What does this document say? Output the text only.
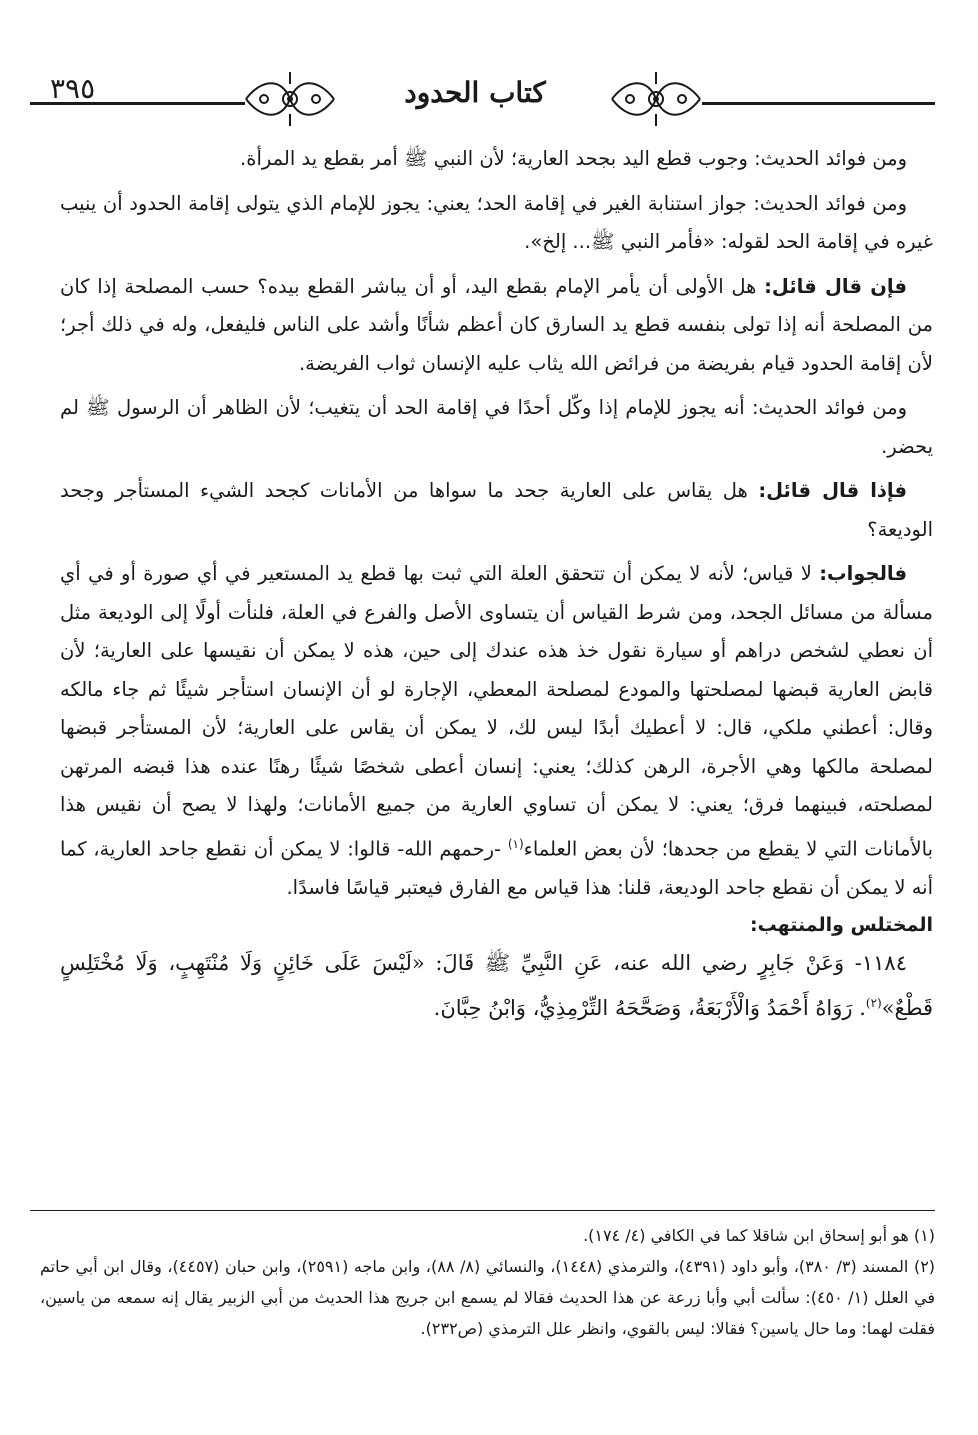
٣٩٥	كتاب الحدود

ومن فوائد الحديث: وجوب قطع اليد بجحد العارية؛ لأن النبي ﷺ أمر بقطع يد المرأة.

ومن فوائد الحديث: جواز استنابة الغير في إقامة الحد؛ يعني: يجوز للإمام الذي يتولى إقامة الحدود أن ينيب غيره في إقامة الحد لقوله: «فأمر النبي ﷺ... إلخ».

فإن قال قائل: هل الأولى أن يأمر الإمام بقطع اليد، أو أن يباشر القطع بيده؟ حسب المصلحة إذا كان من المصلحة أنه إذا تولى بنفسه قطع يد السارق كان أعظم شأنًا وأشد على الناس فليفعل، وله في ذلك أجر؛ لأن إقامة الحدود قيام بفريضة من فرائض الله يثاب عليه الإنسان ثواب الفريضة.

ومن فوائد الحديث: أنه يجوز للإمام إذا وكّل أحدًا في إقامة الحد أن يتغيب؛ لأن الظاهر أن الرسول ﷺ لم يحضر.

فإذا قال قائل: هل يقاس على العارية جحد ما سواها من الأمانات كجحد الشيء المستأجر وجحد الوديعة؟

فالجواب: لا قياس؛ لأنه لا يمكن أن تتحقق العلة التي ثبت بها قطع يد المستعير في أي صورة أو في أي مسألة من مسائل الجحد، ومن شرط القياس أن يتساوى الأصل والفرع في العلة، فلنأت أولًا إلى الوديعة مثل أن نعطي لشخص دراهم أو سيارة نقول خذ هذه عندك إلى حين، هذه لا يمكن أن نقيسها على العارية؛ لأن قابض العارية قبضها لمصلحتها والمودع لمصلحة المعطي، الإجارة لو أن الإنسان استأجر شيئًا ثم جاء مالكه وقال: أعطني ملكي، قال: لا أعطيك أبدًا ليس لك، لا يمكن أن يقاس على العارية؛ لأن المستأجر قبضها لمصلحة مالكها وهي الأجرة، الرهن كذلك؛ يعني: إنسان أعطى شخصًا شيئًا رهنًا عنده هذا قبضه المرتهن لمصلحته، فبينهما فرق؛ يعني: لا يمكن أن تساوي العارية من جميع الأمانات؛ ولهذا لا يصح أن نقيس هذا بالأمانات التي لا يقطع من جحدها؛ لأن بعض العلماء$^{(١)}$ -رحمهم الله- قالوا: لا يمكن أن نقطع جاحد العارية، كما أنه لا يمكن أن نقطع جاحد الوديعة، قلنا: هذا قياس مع الفارق فيعتبر قياسًا فاسدًا.

المختلس والمنتهب:

١١٨٤- وَعَنْ جَابِرٍ رضي الله عنه، عَنِ النَّبِيِّ ﷺ قَالَ: «لَيْسَ عَلَى خَائِنٍ وَلَا مُنْتَهِبٍ، وَلَا مُخْتَلِسٍ قَطْعٌ»$^{(٢)}$. رَوَاهُ أَحْمَدُ وَالْأَرْبَعَةُ، وَصَحَّحَهُ التِّرْمِذِيُّ، وَابْنُ حِبَّانَ.

(١) هو أبو إسحاق ابن شاقلا كما في الكافي (٤/ ١٧٤).

(٢) المسند (٣/ ٣٨٠)، وأبو داود (٤٣٩١)، والترمذي (١٤٤٨)، والنسائي (٨/ ٨٨)، وابن ماجه (٢٥٩١)، وابن حبان (٤٤٥٧)، وقال ابن أبي حاتم في العلل (١/ ٤٥٠): سألت أبي وأبا زرعة عن هذا الحديث فقالا لم يسمع ابن جريج هذا الحديث من أبي الزبير يقال إنه سمعه من ياسين، فقلت لهما: وما حال ياسين؟ فقالا: ليس بالقوي، وانظر علل الترمذي (ص٢٣٢).
